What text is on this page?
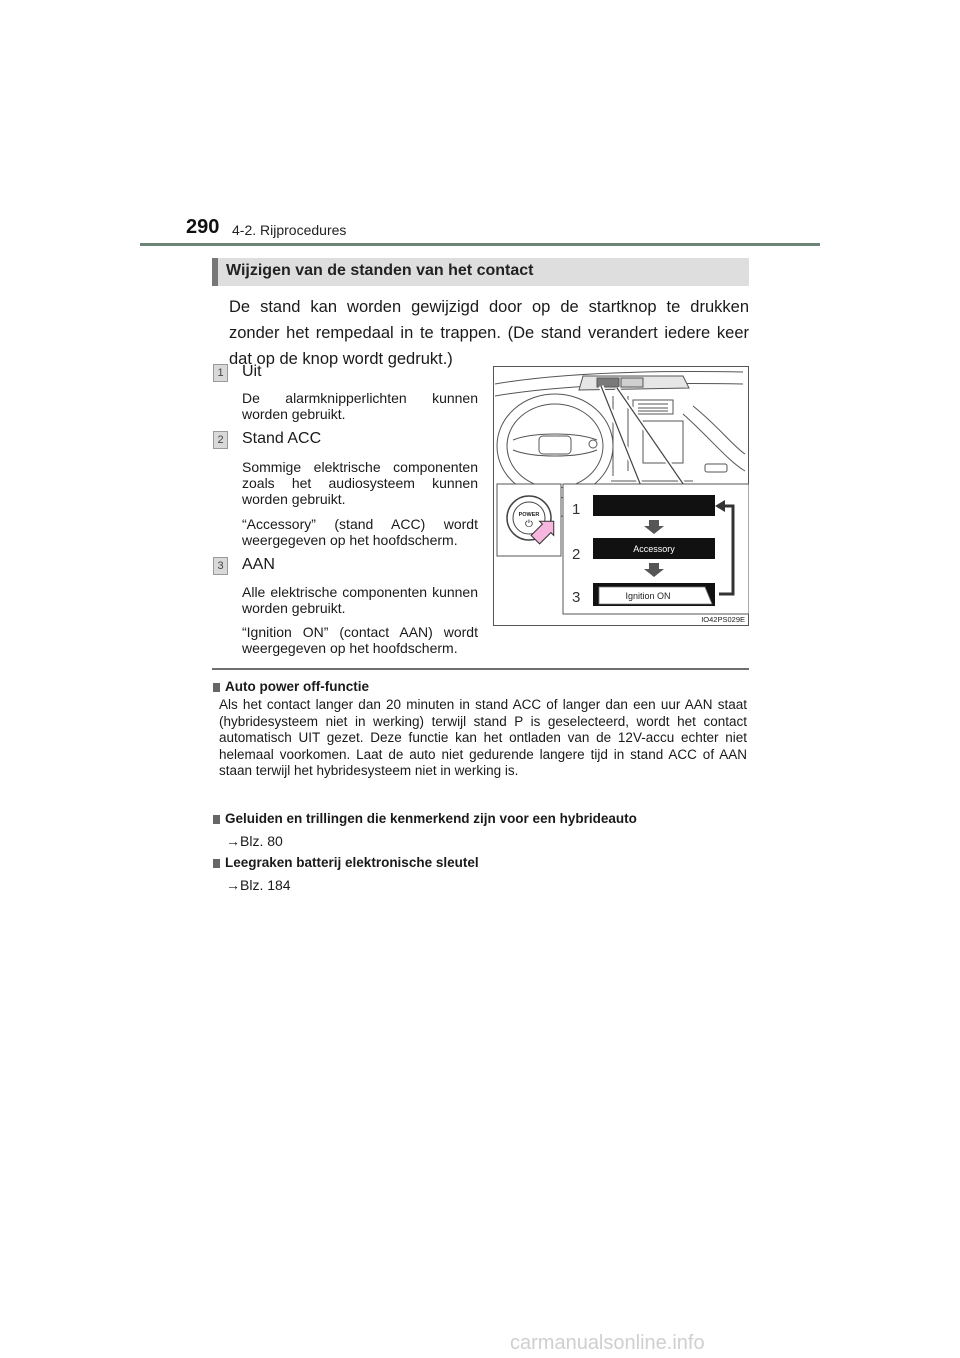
290 4-2. Rijprocedures
Wijzigen van de standen van het contact
De stand kan worden gewijzigd door op de startknop te drukken zonder het rempedaal in te trappen. (De stand verandert iedere keer dat op de knop wordt gedrukt.)
1 Uit
De alarmknipperlichten kunnen worden gebruikt.
2 Stand ACC
Sommige elektrische componenten zoals het audiosysteem kunnen worden gebruikt.
“Accessory” (stand ACC) wordt weergegeven op het hoofdscherm.
3 AAN
Alle elektrische componenten kunnen worden gebruikt.
“Ignition ON” (contact AAN) wordt weergegeven op het hoofdscherm.
POWER
⏻
1
2	Accessory
3	Ignition ON
IO42PS029E
Auto power off-functie
Als het contact langer dan 20 minuten in stand ACC of langer dan een uur AAN staat (hybridesysteem niet in werking) terwijl stand P is geselecteerd, wordt het contact automatisch UIT gezet. Deze functie kan het ontladen van de 12V-accu echter niet helemaal voorkomen. Laat de auto niet gedurende langere tijd in stand ACC of AAN staan terwijl het hybridesysteem niet in werking is.
Geluiden en trillingen die kenmerkend zijn voor een hybrideauto
→Blz. 80
Leegraken batterij elektronische sleutel
→Blz. 184
carmanualsonline.info
